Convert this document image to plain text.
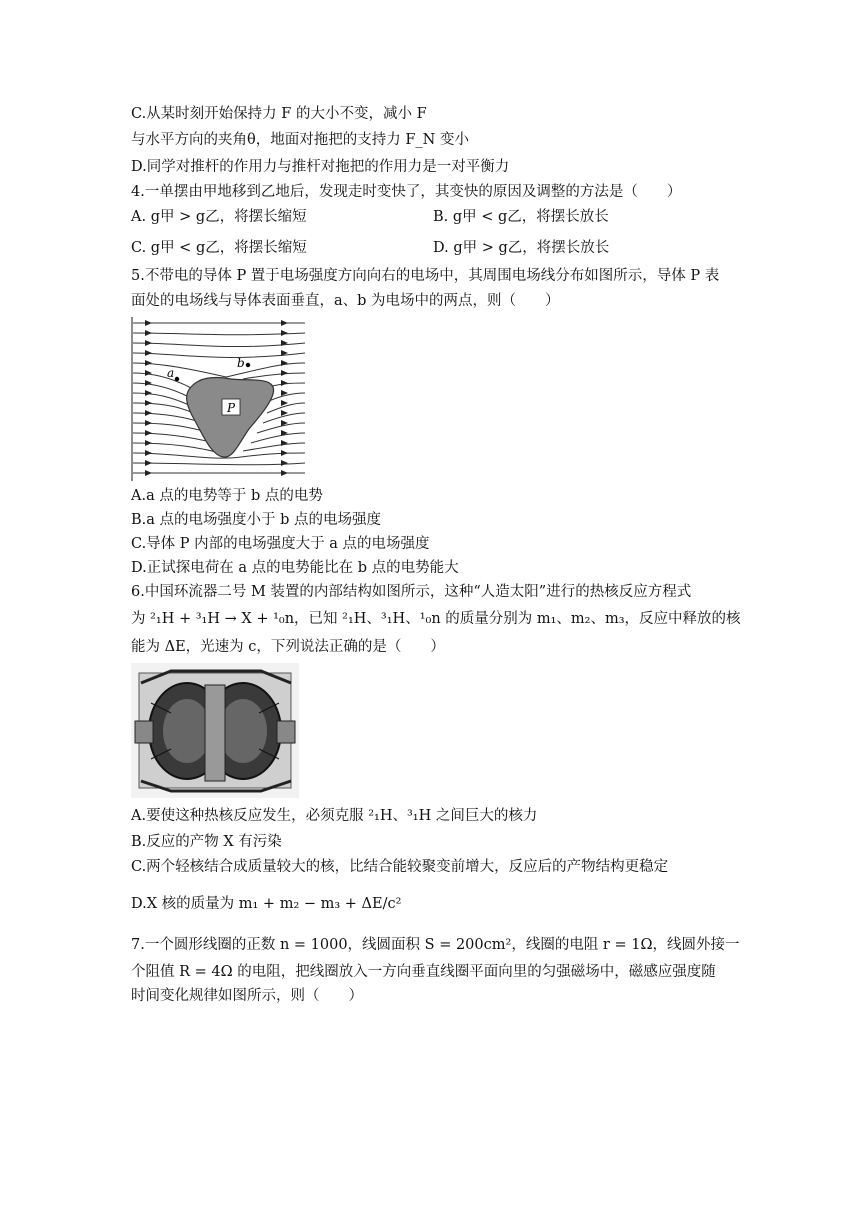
C.从某时刻开始保持力 F 的大小不变，减小 F
与水平方向的夹角θ，地面对拖把的支持力 F_N 变小
D.同学对推杆的作用力与推杆对拖把的作用力是一对平衡力
4.一单摆由甲地移到乙地后，发现走时变快了，其变快的原因及调整的方法是（　　）
A. g甲 > g乙，将摆长缩短	B. g甲 < g乙，将摆长放长
C. g甲 < g乙，将摆长缩短	D. g甲 > g乙，将摆长放长
5.不带电的导体 P 置于电场强度方向向右的电场中，其周围电场线分布如图所示，导体 P 表
面处的电场线与导体表面垂直，a、b 为电场中的两点，则（　　）
P
a
b
A.a 点的电势等于 b 点的电势
B.a 点的电场强度小于 b 点的电场强度
C.导体 P 内部的电场强度大于 a 点的电场强度
D.正试探电荷在 a 点的电势能比在 b 点的电势能大
6.中国环流器二号 M 装置的内部结构如图所示，这种“人造太阳”进行的热核反应方程式
为 ²₁H + ³₁H → X + ¹₀n，已知 ²₁H、³₁H、¹₀n 的质量分别为 m₁、m₂、m₃，反应中释放的核
能为 ΔE，光速为 c，下列说法正确的是（　　）
A.要使这种热核反应发生，必须克服 ²₁H、³₁H 之间巨大的核力
B.反应的产物 X 有污染
C.两个轻核结合成质量较大的核，比结合能较聚变前增大，反应后的产物结构更稳定
D.X 核的质量为 m₁ + m₂ − m₃ + ΔE/c²
7.一个圆形线圈的正数 n = 1000，线圆面积 S = 200cm²，线圈的电阻 r = 1Ω，线圆外接一
个阻值 R = 4Ω 的电阻，把线圈放入一方向垂直线圈平面向里的匀强磁场中，磁感应强度随
时间变化规律如图所示，则（　　）
